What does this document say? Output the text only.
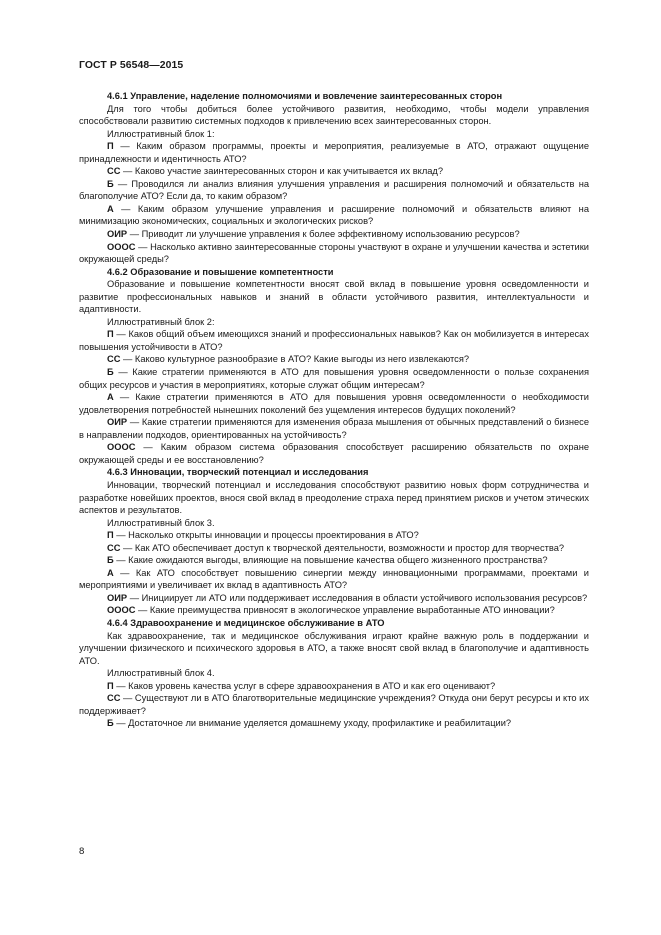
ГОСТ Р 56548—2015

4.6.1 Управление, наделение полномочиями и вовлечение заинтересованных сторон

Для того чтобы добиться более устойчивого развития, необходимо, чтобы модели управления способствовали развитию системных подходов к привлечению всех заинтересованных сторон.

Иллюстративный блок 1:

П — Каким образом программы, проекты и мероприятия, реализуемые в АТО, отражают ощущение принадлежности и идентичность АТО?

СС — Каково участие заинтересованных сторон и как учитывается их вклад?

Б — Проводился ли анализ влияния улучшения управления и расширения полномочий и обязательств на благополучие АТО? Если да, то каким образом?

А — Каким образом улучшение управления и расширение полномочий и обязательств влияют на минимизацию экономических, социальных и экологических рисков?

ОИР — Приводит ли улучшение управления к более эффективному использованию ресурсов?

ОООС — Насколько активно заинтересованные стороны участвуют в охране и улучшении качества и эстетики окружающей среды?

4.6.2 Образование и повышение компетентности

Образование и повышение компетентности вносят свой вклад в повышение уровня осведомленности и развитие профессиональных навыков и знаний в области устойчивого развития, интеллектуальности и адаптивности.

Иллюстративный блок 2:

П — Каков общий объем имеющихся знаний и профессиональных навыков? Как он мобилизуется в интересах повышения устойчивости в АТО?

СС — Каково культурное разнообразие в АТО? Какие выгоды из него извлекаются?

Б — Какие стратегии применяются в АТО для повышения уровня осведомленности о пользе сохранения общих ресурсов и участия в мероприятиях, которые служат общим интересам?

А — Какие стратегии применяются в АТО для повышения уровня осведомленности о необходимости удовлетворения потребностей нынешних поколений без ущемления интересов будущих поколений?

ОИР — Какие стратегии применяются для изменения образа мышления от обычных представлений о бизнесе в направлении подходов, ориентированных на устойчивость?

ОООС — Каким образом система образования способствует расширению обязательств по охране окружающей среды и ее восстановлению?

4.6.3 Инновации, творческий потенциал и исследования

Инновации, творческий потенциал и исследования способствуют развитию новых форм сотрудничества и разработке новейших проектов, внося свой вклад в преодоление страха перед принятием рисков и учетом этических аспектов и результатов.

Иллюстративный блок 3.

П — Насколько открыты инновации и процессы проектирования в АТО?

СС — Как АТО обеспечивает доступ к творческой деятельности, возможности и простор для творчества?

Б — Какие ожидаются выгоды, влияющие на повышение качества общего жизненного пространства?

А — Как АТО способствует повышению синергии между инновационными программами, проектами и мероприятиями и увеличивает их вклад в адаптивность АТО?

ОИР — Инициирует ли АТО или поддерживает исследования в области устойчивого использования ресурсов?

ОООС — Какие преимущества привносят в экологическое управление выработанные АТО инновации?

4.6.4 Здравоохранение и медицинское обслуживание в АТО

Как здравоохранение, так и медицинское обслуживания играют крайне важную роль в поддержании и улучшении физического и психического здоровья в АТО, а также вносят свой вклад в благополучие и адаптивность АТО.

Иллюстративный блок 4.

П — Каков уровень качества услуг в сфере здравоохранения в АТО и как его оценивают?

СС — Существуют ли в АТО благотворительные медицинские учреждения? Откуда они берут ресурсы и кто их поддерживает?

Б — Достаточное ли внимание уделяется домашнему уходу, профилактике и реабилитации?

8
